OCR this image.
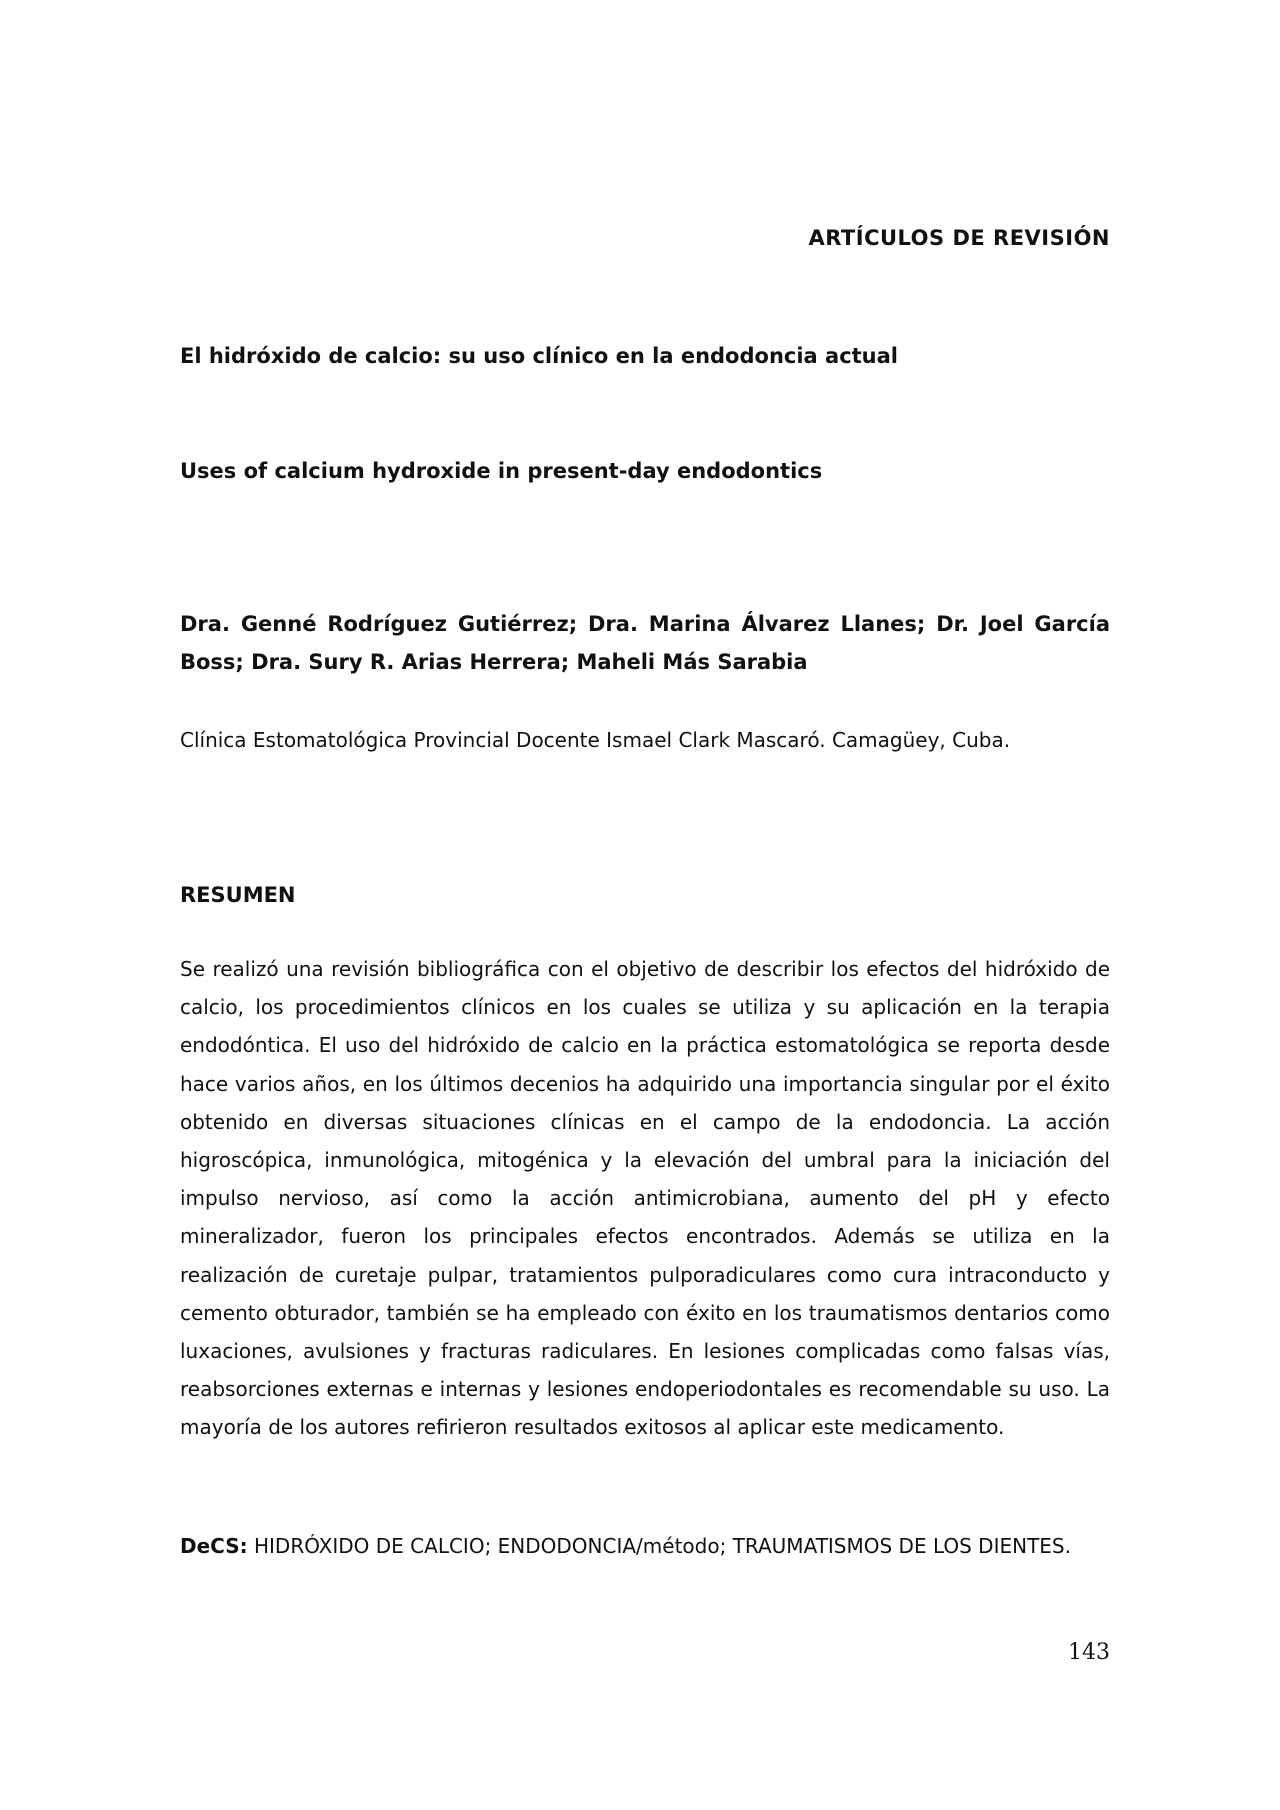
ARTÍCULOS DE REVISIÓN
El hidróxido de calcio: su uso clínico en la endodoncia actual
Uses of calcium hydroxide in present-day endodontics
Dra. Genné Rodríguez Gutiérrez; Dra. Marina Álvarez Llanes; Dr. Joel García Boss; Dra. Sury R. Arias Herrera; Maheli Más Sarabia
Clínica Estomatológica Provincial Docente Ismael Clark Mascaró. Camagüey, Cuba.
RESUMEN

Se realizó una revisión bibliográfica con el objetivo de describir los efectos del hidróxido de calcio, los procedimientos clínicos en los cuales se utiliza y su aplicación en la terapia endodóntica. El uso del hidróxido de calcio en la práctica estomatológica se reporta desde hace varios años, en los últimos decenios ha adquirido una importancia singular por el éxito obtenido en diversas situaciones clínicas en el campo de la endodoncia. La acción higroscópica, inmunológica, mitogénica y la elevación del umbral para la iniciación del impulso nervioso, así como la acción antimicrobiana, aumento del pH y efecto mineralizador, fueron los principales efectos encontrados. Además se utiliza en la realización de curetaje pulpar, tratamientos pulporadiculares como cura intraconducto y cemento obturador, también se ha empleado con éxito en los traumatismos dentarios como luxaciones, avulsiones y fracturas radiculares. En lesiones complicadas como falsas vías, reabsorciones externas e internas y lesiones endoperiodontales es recomendable su uso. La mayoría de los autores refirieron resultados exitosos al aplicar este medicamento.

DeCS: HIDRÓXIDO DE CALCIO; ENDODONCIA/método; TRAUMATISMOS DE LOS DIENTES.

143
